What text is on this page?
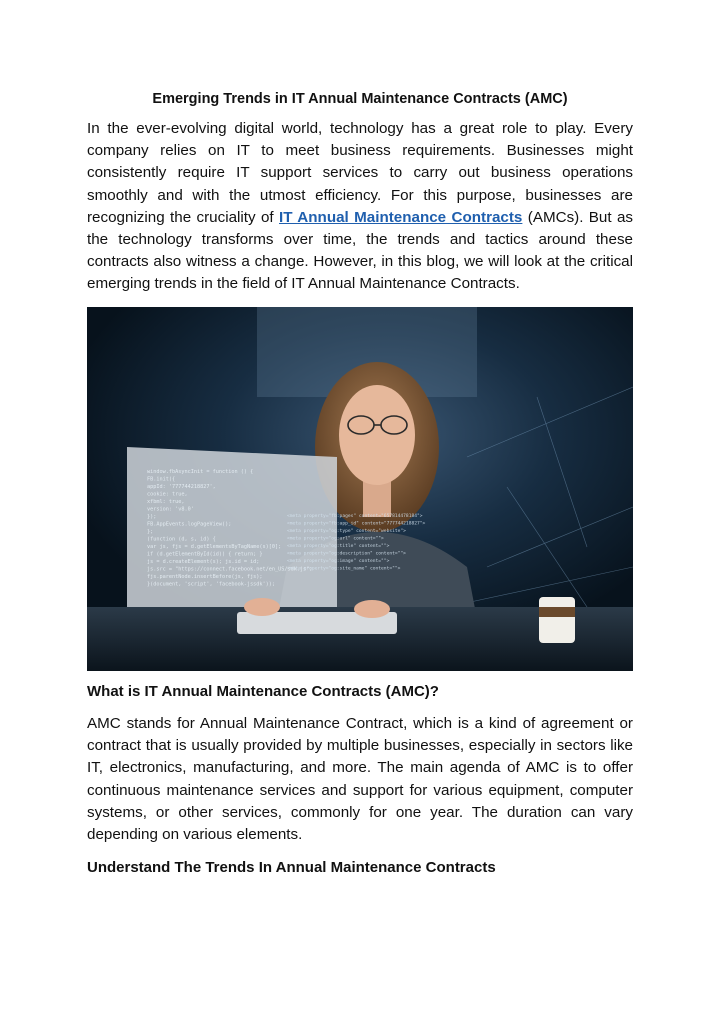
Emerging Trends in IT Annual Maintenance Contracts (AMC)

In the ever-evolving digital world, technology has a great role to play. Every company relies on IT to meet business requirements. Businesses might consistently require IT support services to carry out business operations smoothly and with the utmost efficiency. For this purpose, businesses are recognizing the cruciality of IT Annual Maintenance Contracts (AMCs). But as the technology transforms over time, the trends and tactics around these contracts also witness a change. However, in this blog, we will look at the critical emerging trends in the field of IT Annual Maintenance Contracts.

window.fbAsyncInit = function () {
FB.init({
appId: '777744218827',
cookie: true,
xfbml: true,
version: 'v8.0'
});
FB.AppEvents.logPageView();
};
(function (d, s, id) {
var js, fjs = d.getElementsByTagName(s)[0];
if (d.getElementById(id)) { return; }
js = d.createElement(s); js.id = id;
js.src = "https://connect.facebook.net/en_US/sdk.js";
fjs.parentNode.insertBefore(js, fjs);
}(document, 'script', 'facebook-jssdk'));
<meta property="fb:pages" content="657814478184">
<meta property="fb:app_id" content="777744218827">
<meta property="og:type" content="website">
<meta property="og:url" content="">
<meta property="og:title" content="">
<meta property="og:description" content="">
<meta property="og:image" content="">
<meta property="og:site_name" content="">
What is IT Annual Maintenance Contracts (AMC)?

AMC stands for Annual Maintenance Contract, which is a kind of agreement or contract that is usually provided by multiple businesses, especially in sectors like IT, electronics, manufacturing, and more. The main agenda of AMC is to offer continuous maintenance services and support for various equipment, computer systems, or other services, commonly for one year. The duration can vary depending on various elements.

Understand The Trends In Annual Maintenance Contracts
